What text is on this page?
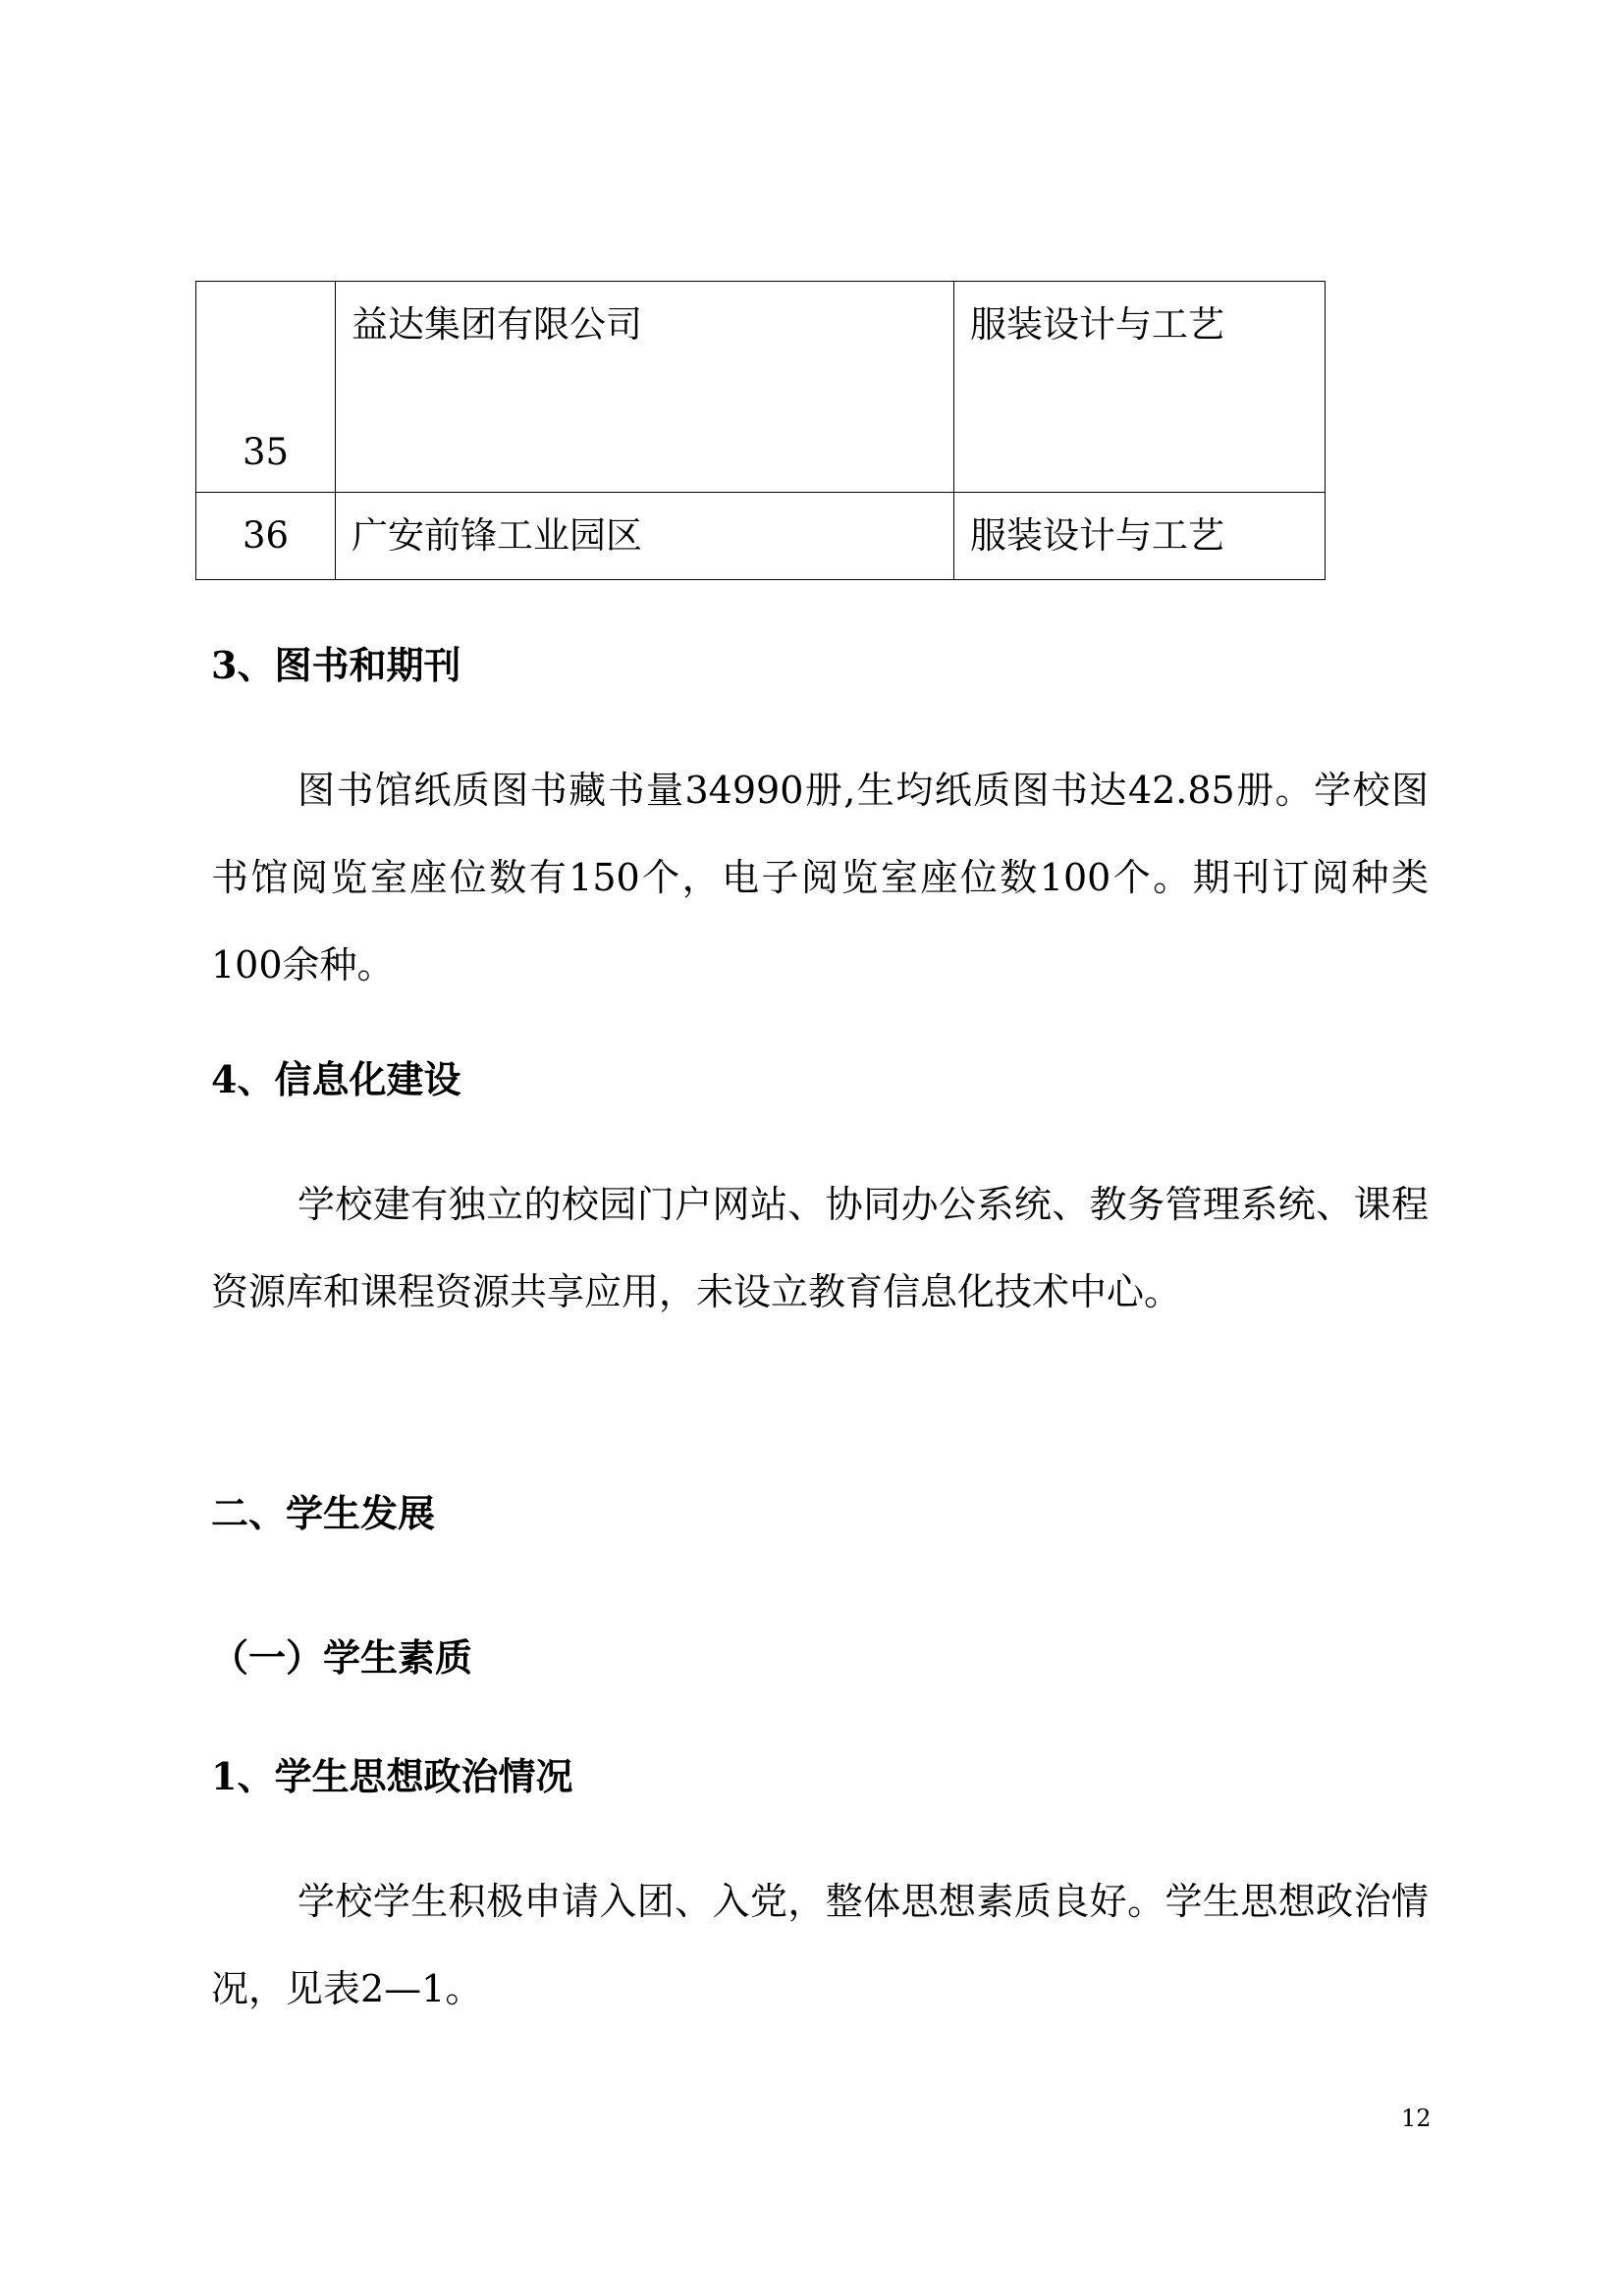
35	益达集团有限公司	服装设计与工艺
36	广安前锋工业园区	服装设计与工艺
3、图书和期刊

图书馆纸质图书藏书量34990册,生均纸质图书达42.85册。学校图书馆阅览室座位数有150个，电子阅览室座位数100个。期刊订阅种类100余种。

4、信息化建设

学校建有独立的校园门户网站、协同办公系统、教务管理系统、课程资源库和课程资源共享应用，未设立教育信息化技术中心。

二、学生发展
（一）学生素质
1、学生思想政治情况

学校学生积极申请入团、入党，整体思想素质良好。学生思想政治情况，见表2—1。

12
